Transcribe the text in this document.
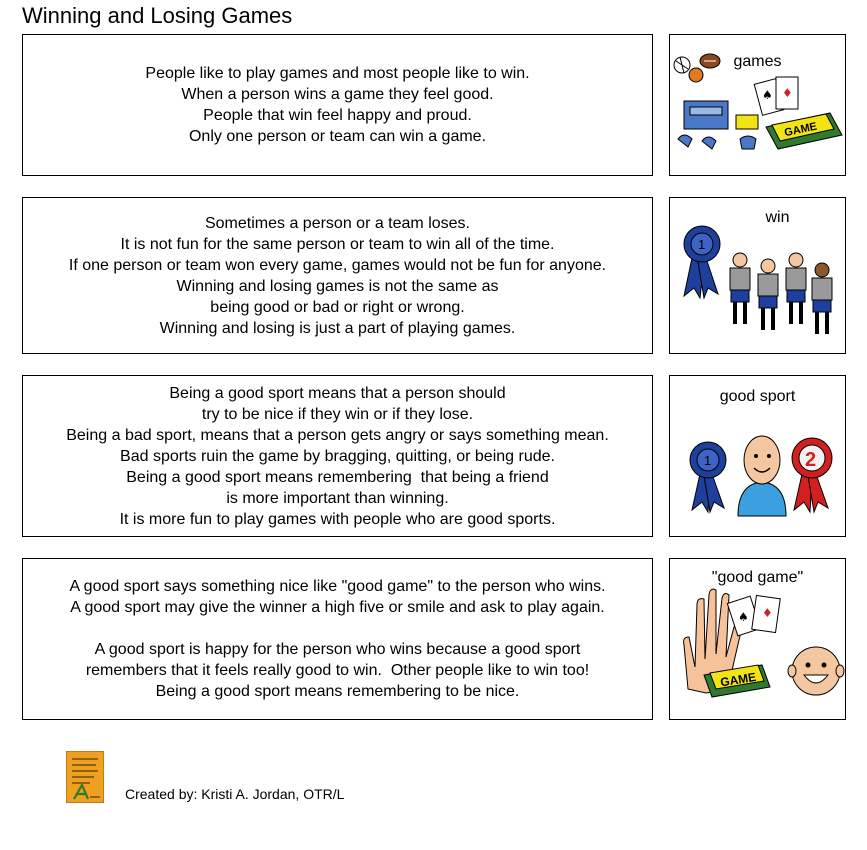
Winning and Losing Games
People like to play games and most people like to win.
When a person wins a game they feel good.
People that win feel happy and proud.
Only one person or team can win a game.
♦
♠
GAME
games
Sometimes a person or a team loses.
It is not fun for the same person or team to win all of the time.
If one person or team won every game, games would not be fun for anyone.
Winning and losing games is not the same as
being good or bad or right or wrong.
Winning and losing is just a part of playing games.
1
win
Being a good sport means that a person should
try to be nice if they win or if they lose.
Being a bad sport, means that a person gets angry or says something mean.
Bad sports ruin the game by bragging, quitting, or being rude.
Being a good sport means remembering  that being a friend
is more important than winning.
It is more fun to play games with people who are good sports.
1	2
good sport
A good sport says something nice like "good game" to the person who wins.
A good sport may give the winner a high five or smile and ask to play again.
A good sport is happy for the person who wins because a good sport
remembers that it feels really good to win.  Other people like to win too!
Being a good sport means remembering to be nice.
♠ ♦
GAME
"good game"
Created by: Kristi A. Jordan, OTR/L
